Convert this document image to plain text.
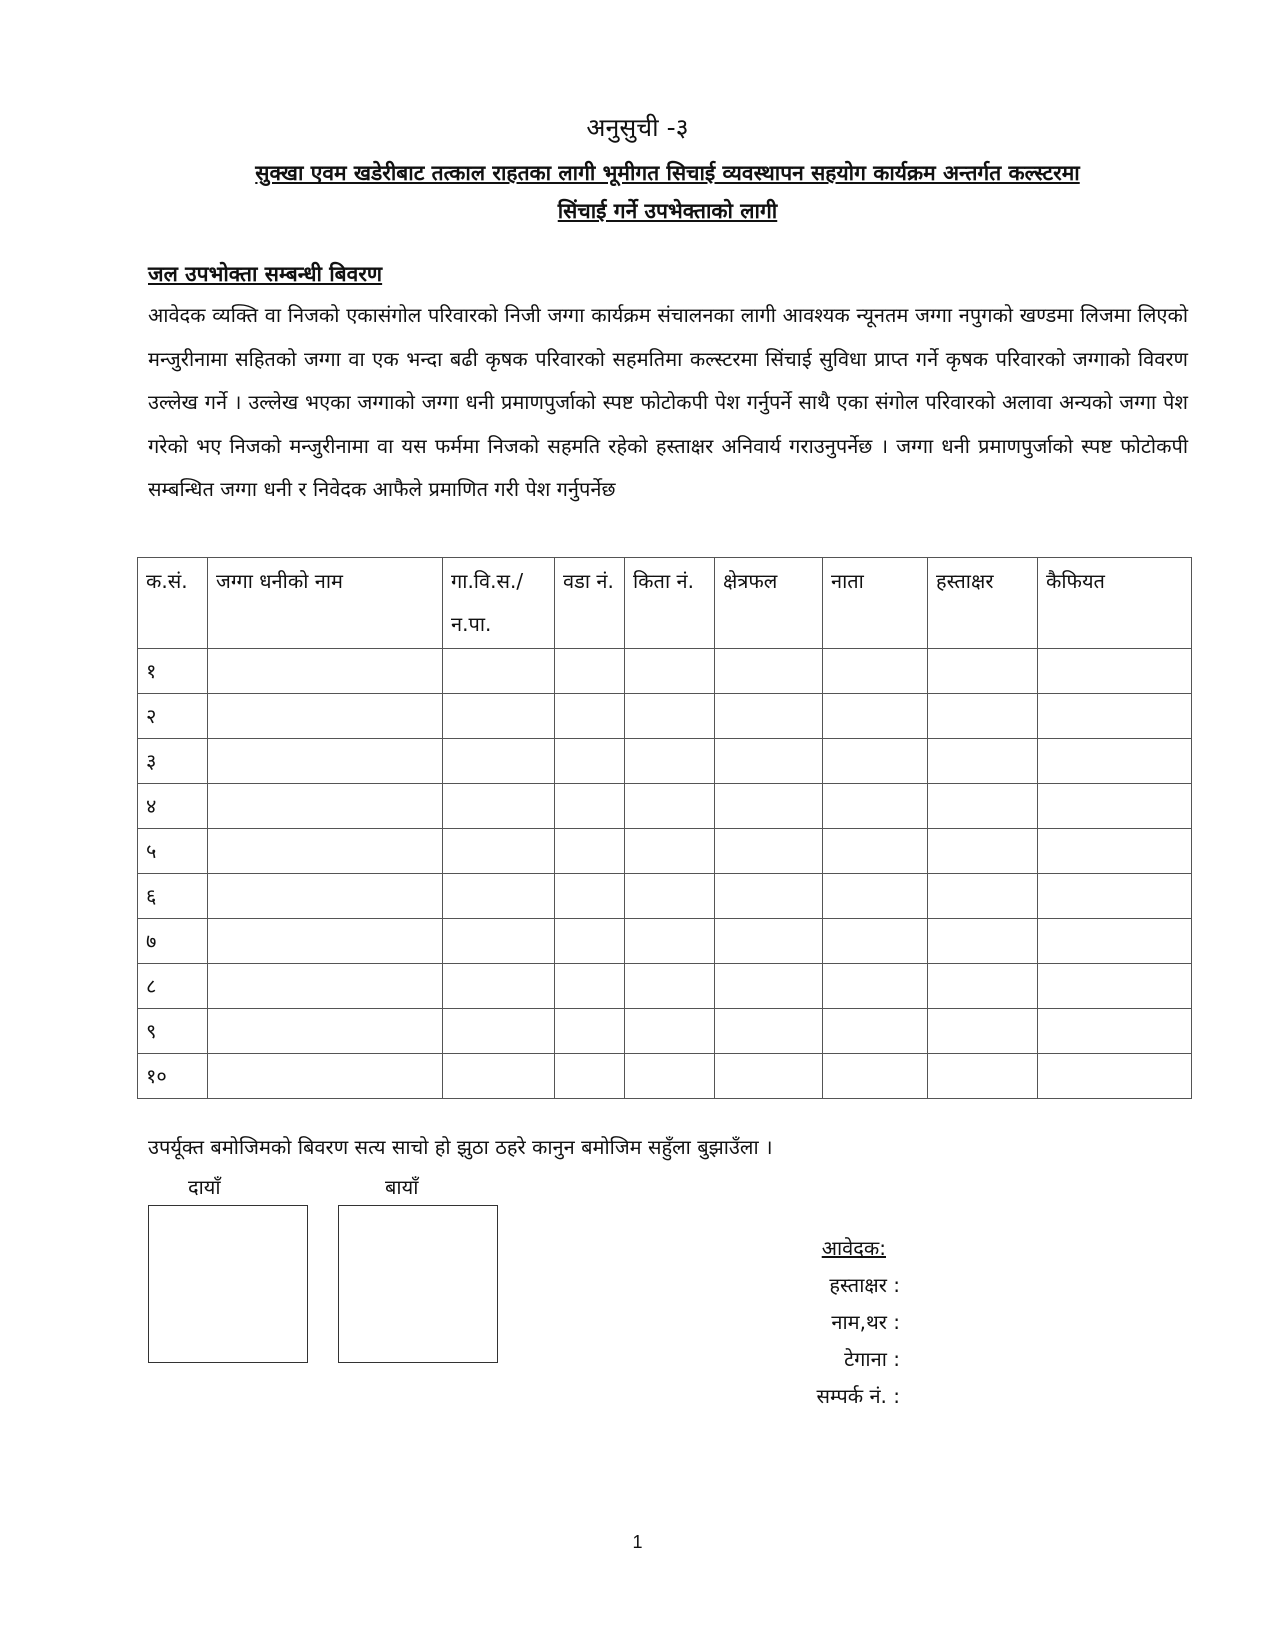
अनुसुची -३
सुक्खा एवम खडेरीबाट तत्काल राहतका लागी भूमीगत सिचाई व्यवस्थापन सहयोग कार्यक्रम अन्तर्गत कल्स्टरमा
सिंचाई गर्ने उपभेक्ताको लागी
जल उपभोक्ता सम्बन्धी बिवरण

आवेदक व्यक्ति वा निजको एकासंगोल परिवारको निजी जग्गा कार्यक्रम संचालनका लागी आवश्यक न्यूनतम जग्गा नपुगको खण्डमा लिजमा लिएको मन्जुरीनामा सहितको जग्गा वा एक भन्दा बढी कृषक परिवारको सहमतिमा कल्स्टरमा सिंचाई सुविधा प्राप्त गर्ने कृषक परिवारको जग्गाको विवरण उल्लेख गर्ने । उल्लेख भएका जग्गाको जग्गा धनी प्रमाणपुर्जाको स्पष्ट फोटोकपी पेश गर्नुपर्ने साथै एका संगोल परिवारको अलावा अन्यको जग्गा पेश गरेको भए निजको मन्जुरीनामा वा यस फर्ममा निजको सहमति रहेको हस्ताक्षर अनिवार्य गराउनुपर्नेछ । जग्गा धनी प्रमाणपुर्जाको स्पष्ट फोटोकपी सम्बन्धित जग्गा धनी र निवेदक आफैले प्रमाणित गरी पेश गर्नुपर्नेछ

क.सं.	जग्गा धनीको नाम	गा.वि.स./ न.पा.	वडा नं.	किता नं.	क्षेत्रफल	नाता	हस्ताक्षर	कैफियत
१								
२								
३								
४								
५								
६								
७								
८								
९								
१०								
उपर्यूक्त बमोजिमको बिवरण सत्य साचो हो झुठा ठहरे कानुन बमोजिम सहुँला बुझाउँला ।
दायाँ	बायाँ
आवेदक:
हस्ताक्षर :
नाम,थर :
टेगाना :
सम्पर्क नं. :
1
